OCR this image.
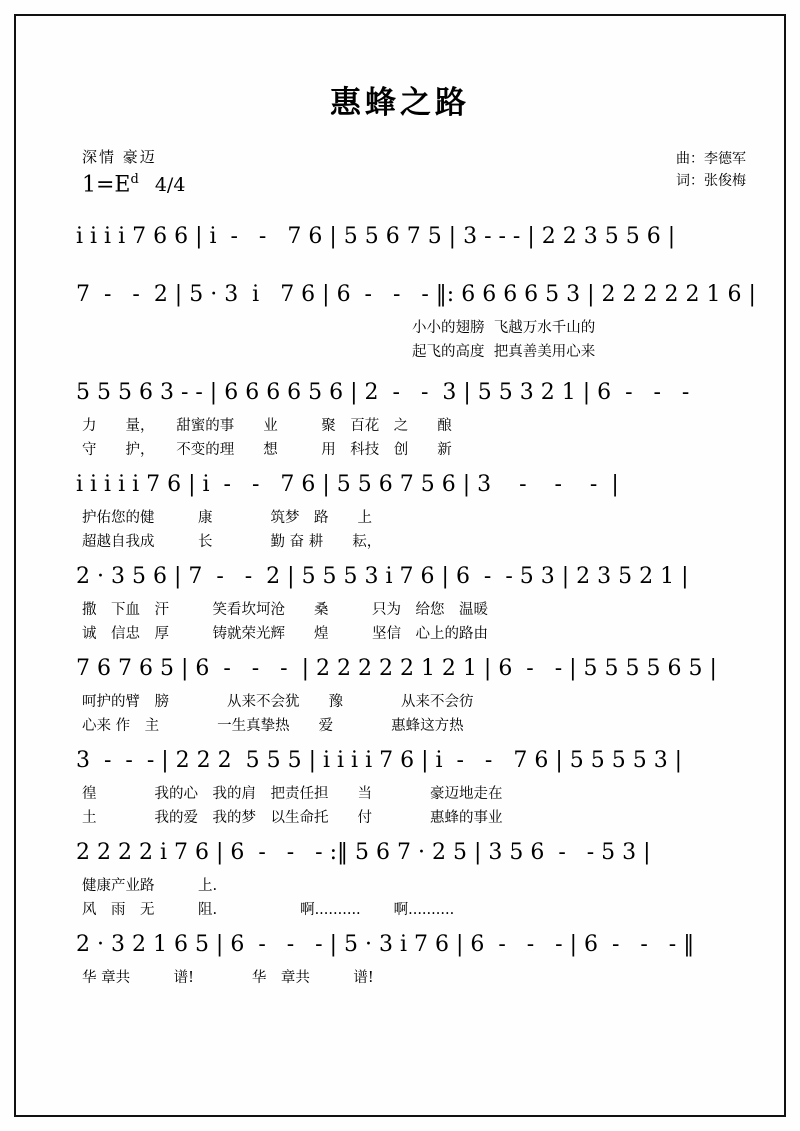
惠蜂之路
深情 豪迈
$1=E^d$ 4/4
曲：李德军
词：张俊梅
i i i i 7 6 6 | i  -   -   7 6 | 5 5 6 7 5 | 3 - - - | 2 2 3 5 5 6 |
7  -   -  2 | 5 · 3  i   7 6 | 6  -   -   - ‖: 6 6 6 6 5 3 | 2 2 2 2 2 1 6 |
小小的翅膀  飞越万水千山的
起飞的高度  把真善美用心来
5 5 5 6 3 - - | 6 6 6 6 5 6 | 2  -   -  3 | 5 5 3 2 1 | 6  -   -   -
力　　量，　　甜蜜的事　　业　　　聚　百花　之　　酿
守　　护，　　不变的理　　想　　　用　科技　创　　新
i i i i i 7 6 | i  -   -   7 6 | 5 5 6 7 5 6 | 3    -    -    -  |
护佑您的健　　　康　　　　筑梦　路　　上
超越自我成　　　长　　　　勤 奋 耕　　耘，
2 · 3 5 6 | 7  -   -  2 | 5 5 5 3 i 7 6 | 6  -  - 5 3 | 2 3 5 2 1 |
撒　下血　汗　　　笑看坎坷沧　　桑　　　只为　给您　温暖
诚　信忠　厚　　　铸就荣光辉　　煌　　　坚信　心上的路由
7 6 7 6 5 | 6  -   -   -  | 2 2 2 2 2 1 2 1 | 6  -   - | 5 5 5 5 6 5 |
呵护的臂　膀　　　　从来不会犹　　豫　　　　从来不会彷
心来 作　主　　　　一生真挚热　　爱　　　　惠蜂这方热
3  -  -  - | 2 2 2  5 5 5 | i i i i 7 6 | i  -   -   7 6 | 5 5 5 5 3 |
徨　　　　我的心　我的肩　把责任担　　当　　　　豪迈地走在
土　　　　我的爱　我的梦　以生命托　　付　　　　惠蜂的事业
2 2 2 2 i 7 6 | 6  -   -   - :‖ 5 6 7 · 2 5 | 3 5 6  -   - 5 3 |
健康产业路　　　上.
风　雨　无　　　阻.                  啊..........    　啊..........
2 · 3 2 1 6 5 | 6  -   -   - | 5 · 3 i 7 6 | 6  -   -   - | 6  -   -   - ‖
华 章共　　　谱!　　　　华　章共　　　谱!
